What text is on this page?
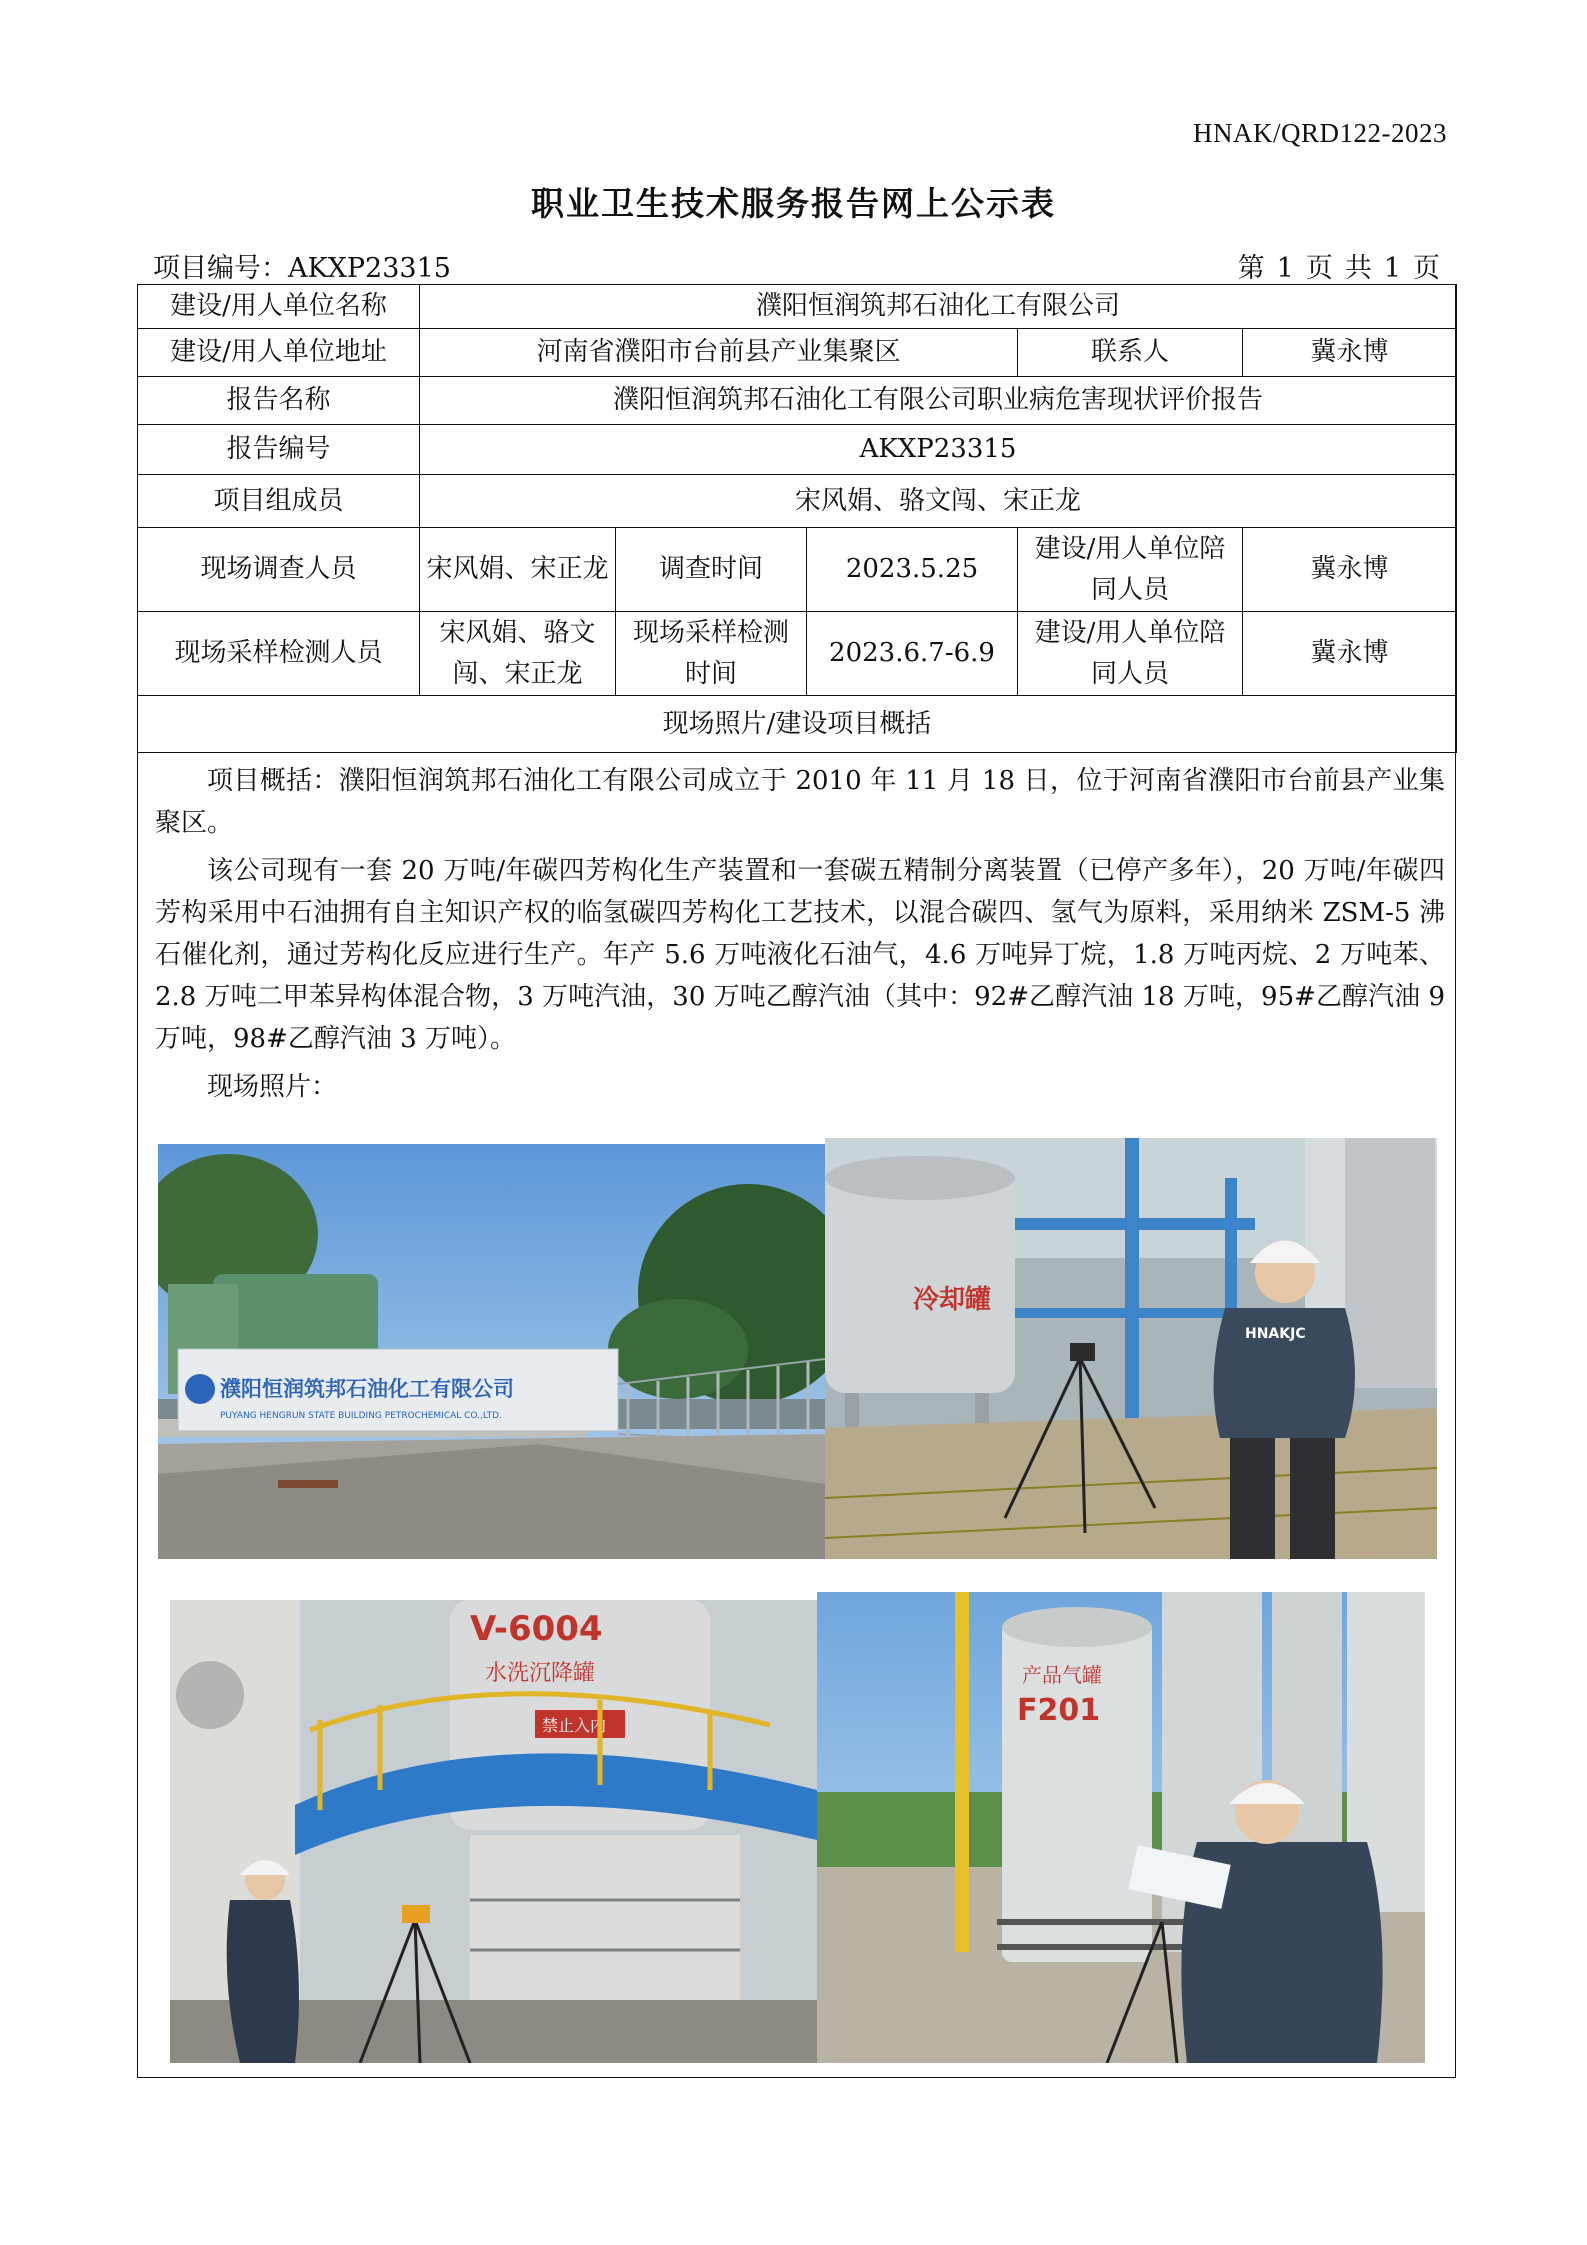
HNAK/QRD122-2023
职业卫生技术服务报告网上公示表
项目编号：AKXP23315	第 1 页 共 1 页
建设/用人单位名称	濮阳恒润筑邦石油化工有限公司				
建设/用人单位地址	河南省濮阳市台前县产业集聚区			联系人	冀永博
报告名称	濮阳恒润筑邦石油化工有限公司职业病危害现状评价报告				
报告编号	AKXP23315				
项目组成员	宋风娟、骆文闯、宋正龙				
现场调查人员	宋风娟、宋正龙	调查时间	2023.5.25	建设/用人单位陪同人员	冀永博
现场采样检测人员	宋风娟、骆文闯、宋正龙	现场采样检测时间	2023.6.7-6.9	建设/用人单位陪同人员	冀永博
现场照片/建设项目概括					

项目概括：濮阳恒润筑邦石油化工有限公司成立于 2010 年 11 月 18 日，位于河南省濮阳市台前县产业集聚区。

该公司现有一套 20 万吨/年碳四芳构化生产装置和一套碳五精制分离装置（已停产多年），20 万吨/年碳四芳构采用中石油拥有自主知识产权的临氢碳四芳构化工艺技术，以混合碳四、氢气为原料，采用纳米 ZSM-5 沸石催化剂，通过芳构化反应进行生产。年产 5.6 万吨液化石油气，4.6 万吨异丁烷，1.8 万吨丙烷、2 万吨苯、2.8 万吨二甲苯异构体混合物，3 万吨汽油，30 万吨乙醇汽油（其中：92#乙醇汽油 18 万吨，95#乙醇汽油 9 万吨，98#乙醇汽油 3 万吨）。

现场照片：

濮阳恒润筑邦石油化工有限公司
PUYANG HENGRUN STATE BUILDING PETROCHEMICAL CO.,LTD.
冷却罐
HNAKJC
V-6004
水洗沉降罐
禁止入内
产品气罐
F201
